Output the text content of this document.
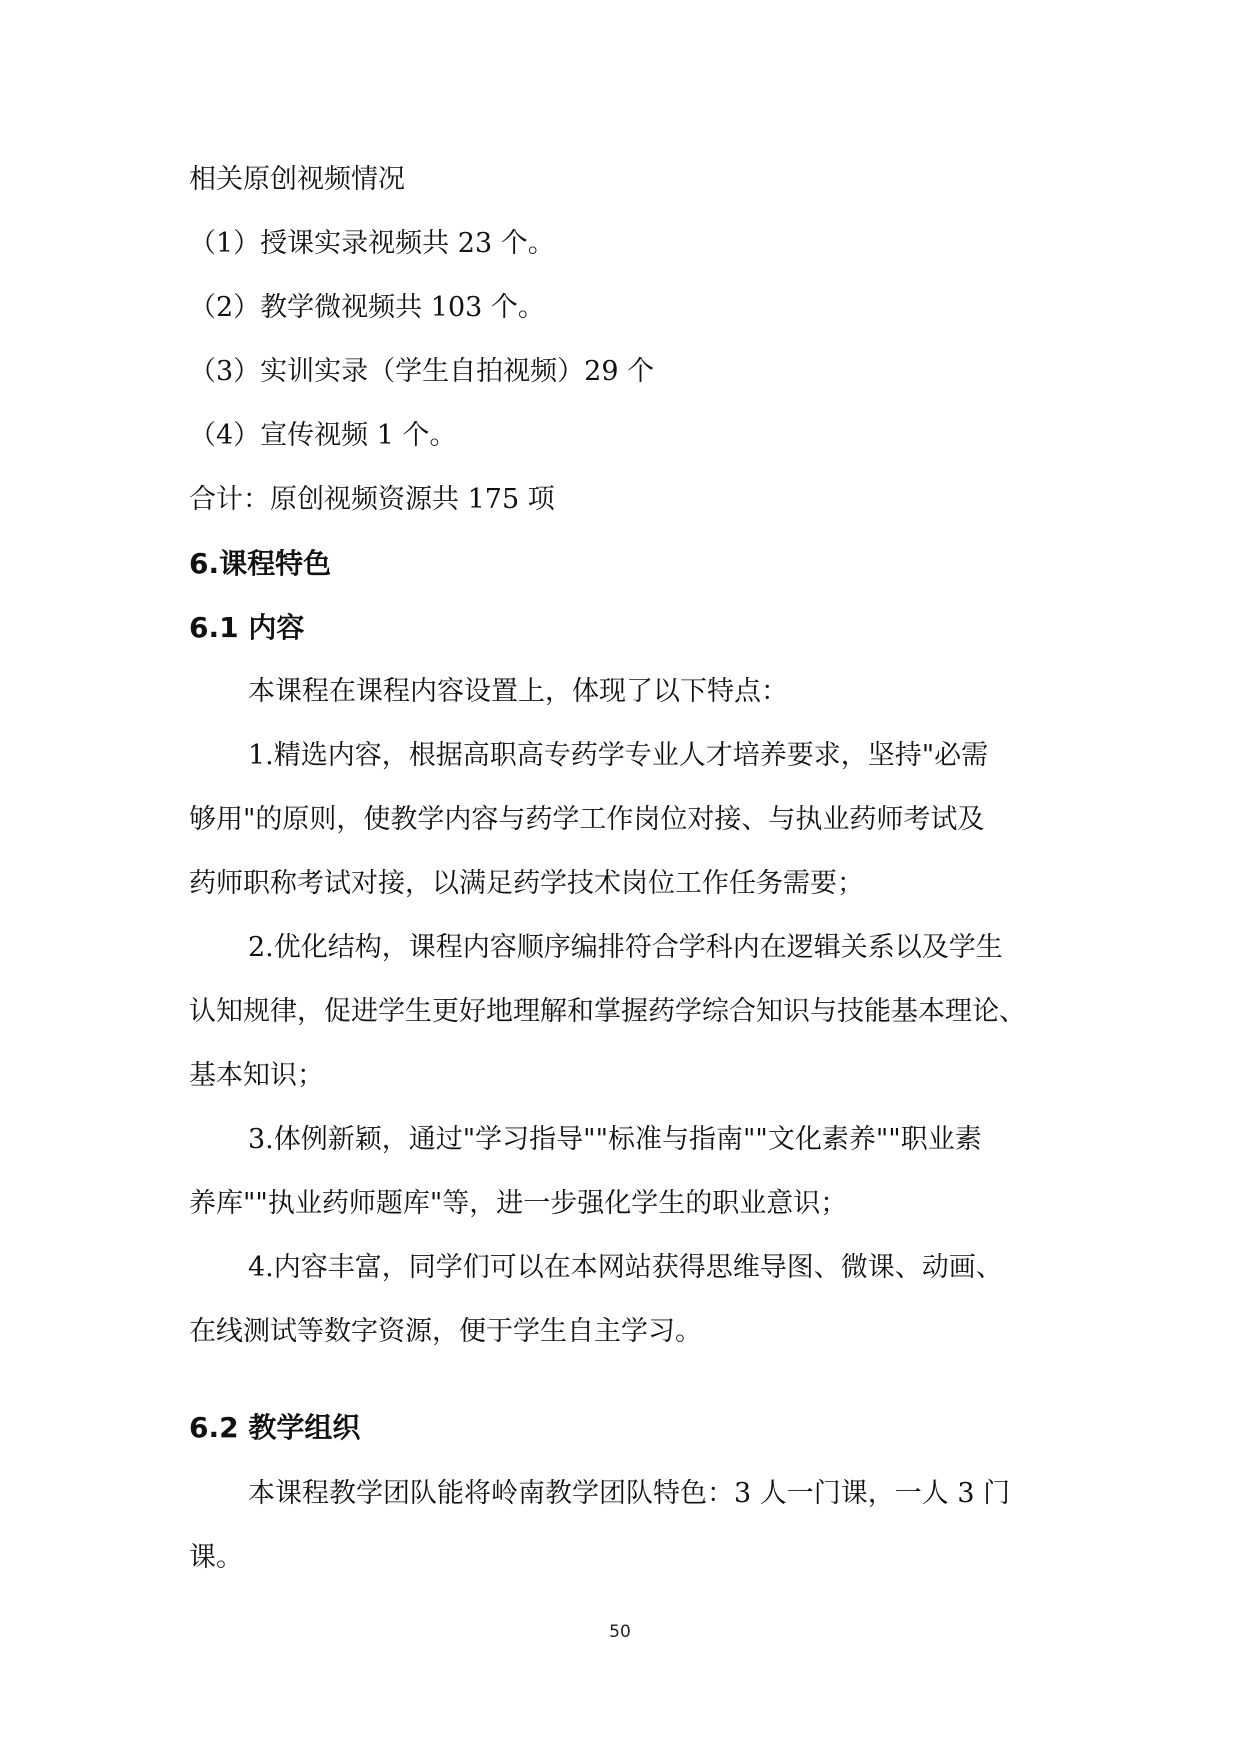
相关原创视频情况
（1）授课实录视频共 23 个。
（2）教学微视频共 103 个。
（3）实训实录（学生自拍视频）29 个
（4）宣传视频 1 个。
合计：原创视频资源共 175 项
6.课程特色
6.1 内容
本课程在课程内容设置上，体现了以下特点：
1.精选内容，根据高职高专药学专业人才培养要求，坚持"必需
够用"的原则，使教学内容与药学工作岗位对接、与执业药师考试及
药师职称考试对接，以满足药学技术岗位工作任务需要；
2.优化结构，课程内容顺序编排符合学科内在逻辑关系以及学生
认知规律，促进学生更好地理解和掌握药学综合知识与技能基本理论、
基本知识；
3.体例新颖，通过"学习指导""标准与指南""文化素养""职业素
养库""执业药师题库"等，进一步强化学生的职业意识；
4.内容丰富，同学们可以在本网站获得思维导图、微课、动画、
在线测试等数字资源，便于学生自主学习。
6.2 教学组织
本课程教学团队能将岭南教学团队特色：3 人一门课，一人 3 门
课。
50
